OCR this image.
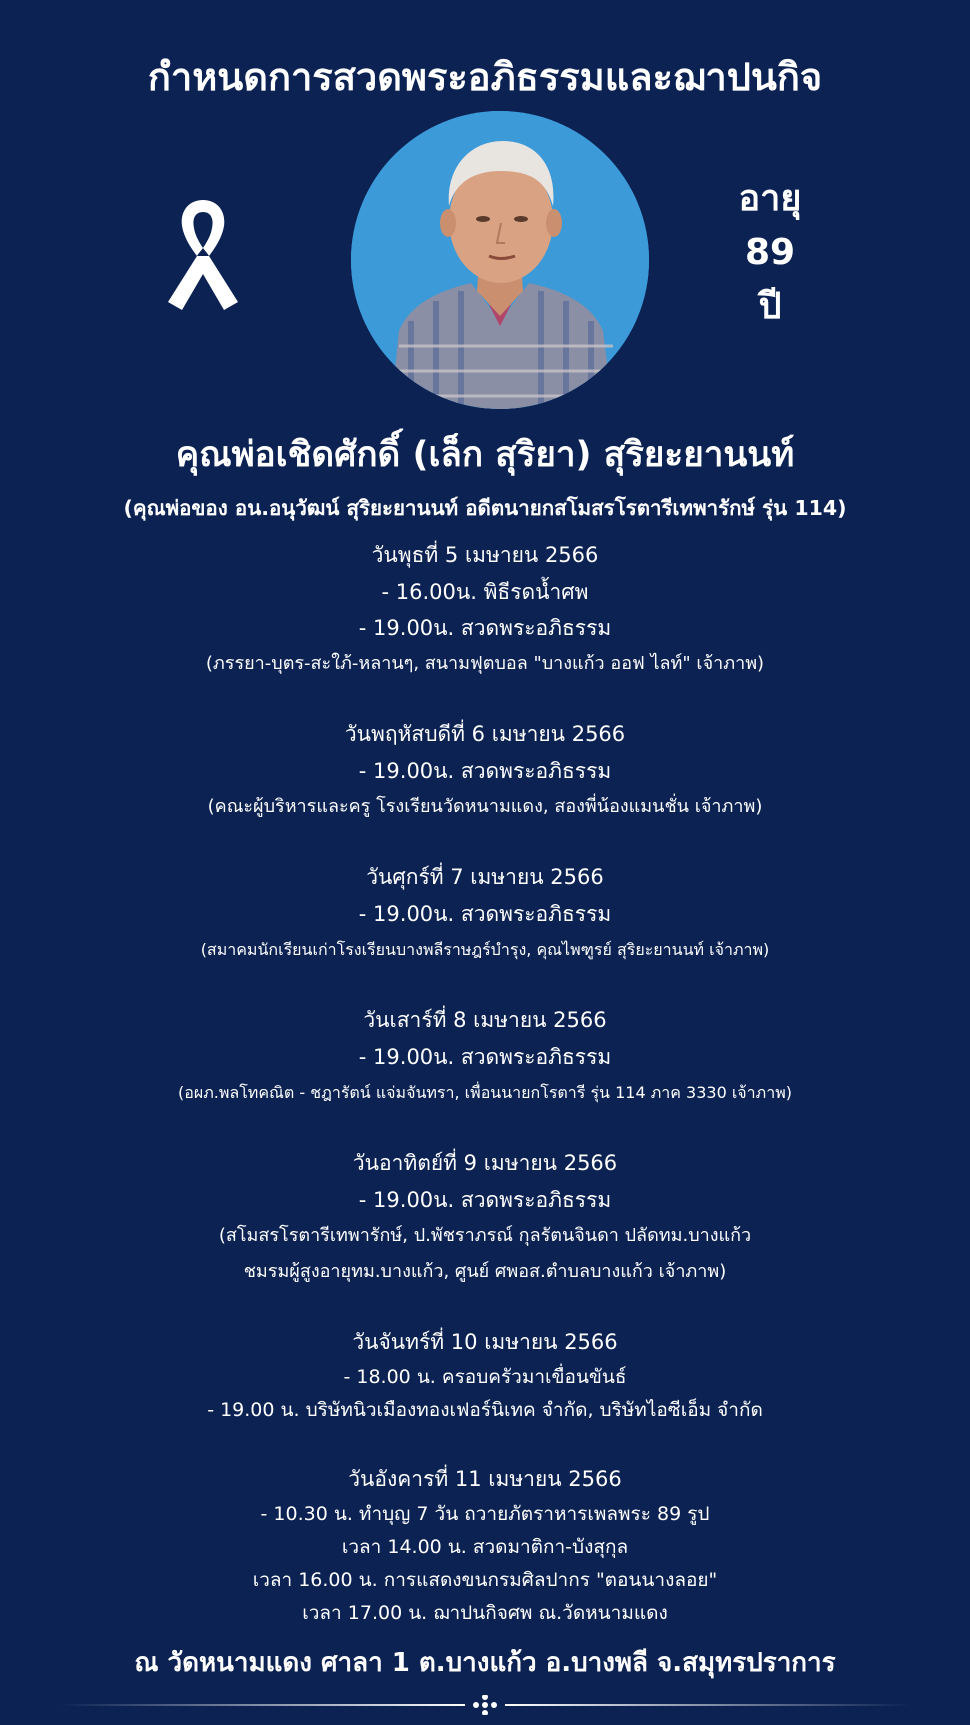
กำหนดการสวดพระอภิธรรมและฌาปนกิจ
อายุ
89
ปี
คุณพ่อเชิดศักดิ์ (เล็ก สุริยา) สุริยะยานนท์
(คุณพ่อของ อน.อนุวัฒน์ สุริยะยานนท์ อดีตนายกสโมสรโรตารีเทพารักษ์ รุ่น 114)
วันพุธที่ 5 เมษายน 2566
- 16.00น. พิธีรดน้ำศพ
- 19.00น. สวดพระอภิธรรม
(ภรรยา-บุตร-สะใภ้-หลานๆ, สนามฟุตบอล "บางแก้ว ออฟ ไลท์" เจ้าภาพ)
วันพฤหัสบดีที่ 6 เมษายน 2566
- 19.00น. สวดพระอภิธรรม
(คณะผู้บริหารและครู โรงเรียนวัดหนามแดง, สองพี่น้องแมนชั่น เจ้าภาพ)
วันศุกร์ที่ 7 เมษายน 2566
- 19.00น. สวดพระอภิธรรม
(สมาคมนักเรียนเก่าโรงเรียนบางพลีราษฎร์บำรุง, คุณไพฑูรย์ สุริยะยานนท์ เจ้าภาพ)
วันเสาร์ที่ 8 เมษายน 2566
- 19.00น. สวดพระอภิธรรม
(อผภ.พลโทคณิต - ชฎารัตน์ แจ่มจันทรา, เพื่อนนายกโรตารี รุ่น 114 ภาค 3330 เจ้าภาพ)
วันอาทิตย์ที่ 9 เมษายน 2566
- 19.00น. สวดพระอภิธรรม
(สโมสรโรตารีเทพารักษ์, ป.พัชราภรณ์ กุลรัตนจินดา ปลัดทม.บางแก้ว
ชมรมผู้สูงอายุทม.บางแก้ว, ศูนย์ ศพอส.ตำบลบางแก้ว เจ้าภาพ)
วันจันทร์ที่ 10 เมษายน 2566
- 18.00 น. ครอบครัวมาเขื่อนขันธ์
- 19.00 น. บริษัทนิวเมืองทองเฟอร์นิเทค จำกัด, บริษัทไอซีเอ็ม จำกัด
วันอังคารที่ 11 เมษายน 2566
- 10.30 น. ทำบุญ 7 วัน ถวายภัตราหารเพลพระ 89 รูป
เวลา 14.00 น. สวดมาติกา-บังสุกุล
เวลา 16.00 น. การแสดงขนกรมศิลปากร "ตอนนางลอย"
เวลา 17.00 น. ฌาปนกิจศพ ณ.วัดหนามแดง
ณ วัดหนามแดง ศาลา 1 ต.บางแก้ว อ.บางพลี จ.สมุทรปราการ
